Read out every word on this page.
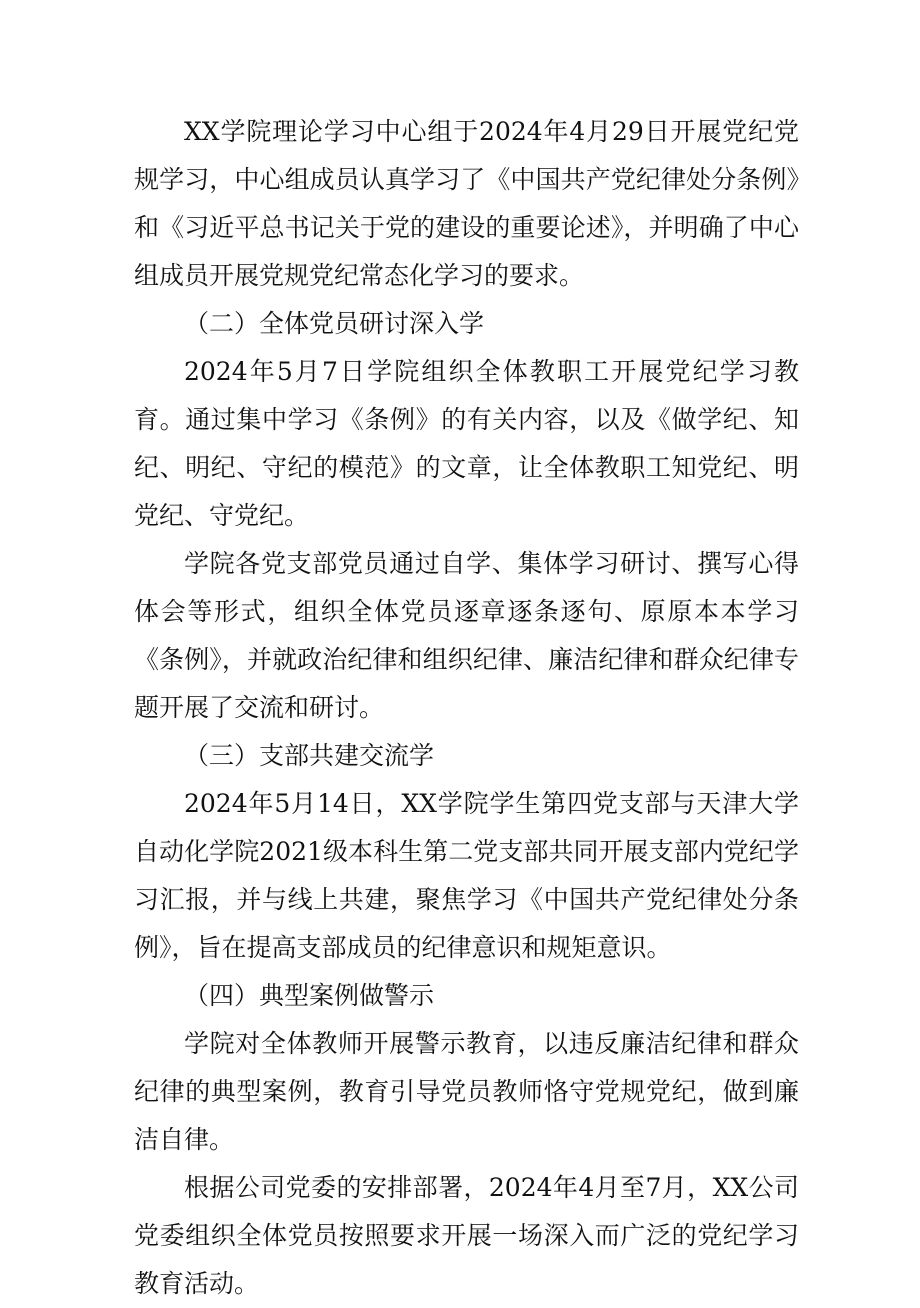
XX学院理论学习中心组于2024年4月29日开展党纪党规学习，中心组成员认真学习了《中国共产党纪律处分条例》和《习近平总书记关于党的建设的重要论述》，并明确了中心组成员开展党规党纪常态化学习的要求。

（二）全体党员研讨深入学

2024年5月7日学院组织全体教职工开展党纪学习教育。通过集中学习《条例》的有关内容，以及《做学纪、知纪、明纪、守纪的模范》的文章，让全体教职工知党纪、明党纪、守党纪。

学院各党支部党员通过自学、集体学习研讨、撰写心得体会等形式，组织全体党员逐章逐条逐句、原原本本学习《条例》，并就政治纪律和组织纪律、廉洁纪律和群众纪律专题开展了交流和研讨。

（三）支部共建交流学

2024年5月14日，XX学院学生第四党支部与天津大学自动化学院2021级本科生第二党支部共同开展支部内党纪学习汇报，并与线上共建，聚焦学习《中国共产党纪律处分条例》，旨在提高支部成员的纪律意识和规矩意识。

（四）典型案例做警示

学院对全体教师开展警示教育，以违反廉洁纪律和群众纪律的典型案例，教育引导党员教师恪守党规党纪，做到廉洁自律。

根据公司党委的安排部署，2024年4月至7月，XX公司党委组织全体党员按照要求开展一场深入而广泛的党纪学习教育活动。
